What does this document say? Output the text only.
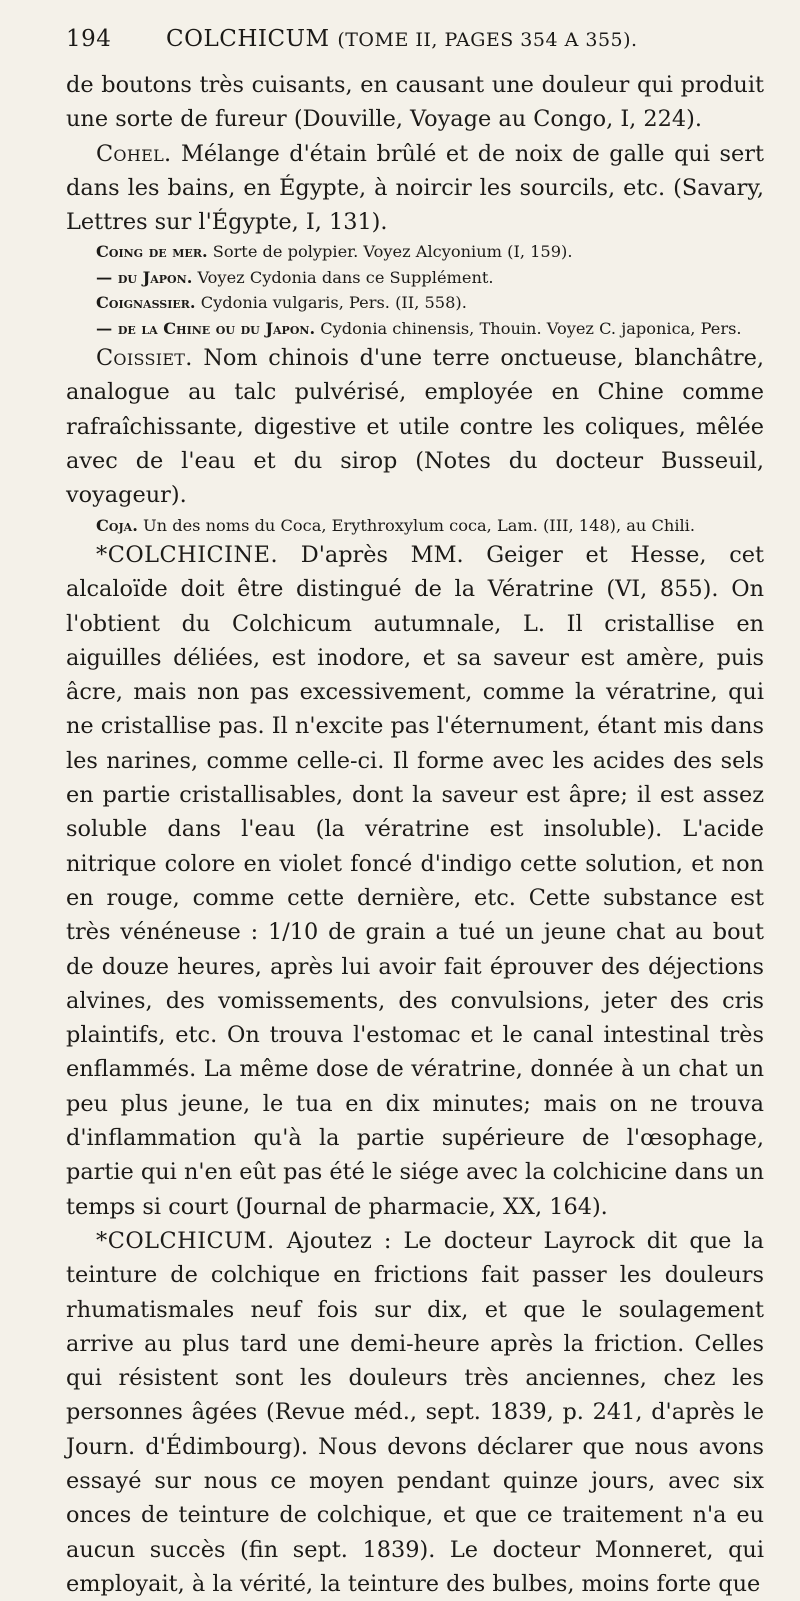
194	COLCHICUM (TOME II, PAGES 354 A 355).

de boutons très cuisants, en causant une douleur qui produit une sorte de fureur (Douville, Voyage au Congo, I, 224).

Cohel. Mélange d'étain brûlé et de noix de galle qui sert dans les bains, en Égypte, à noircir les sourcils, etc. (Savary, Lettres sur l'Égypte, I, 131).

Coing de mer. Sorte de polypier. Voyez Alcyonium (I, 159).

— du Japon. Voyez Cydonia dans ce Supplément.

Coignassier. Cydonia vulgaris, Pers. (II, 558).

— de la Chine ou du Japon. Cydonia chinensis, Thouin. Voyez C. japonica, Pers.

Coissiet. Nom chinois d'une terre onctueuse, blanchâtre, analogue au talc pulvérisé, employée en Chine comme rafraîchissante, digestive et utile contre les coliques, mêlée avec de l'eau et du sirop (Notes du docteur Busseuil, voyageur).

Coja. Un des noms du Coca, Erythroxylum coca, Lam. (III, 148), au Chili.

*COLCHICINE. D'après MM. Geiger et Hesse, cet alcaloïde doit être distingué de la Vératrine (VI, 855). On l'obtient du Colchicum autumnale, L. Il cristallise en aiguilles déliées, est inodore, et sa saveur est amère, puis âcre, mais non pas excessivement, comme la vératrine, qui ne cristallise pas. Il n'excite pas l'éternument, étant mis dans les narines, comme celle-ci. Il forme avec les acides des sels en partie cristallisables, dont la saveur est âpre; il est assez soluble dans l'eau (la vératrine est insoluble). L'acide nitrique colore en violet foncé d'indigo cette solution, et non en rouge, comme cette dernière, etc. Cette substance est très vénéneuse : 1/10 de grain a tué un jeune chat au bout de douze heures, après lui avoir fait éprouver des déjections alvines, des vomissements, des convulsions, jeter des cris plaintifs, etc. On trouva l'estomac et le canal intestinal très enflammés. La même dose de vératrine, donnée à un chat un peu plus jeune, le tua en dix minutes; mais on ne trouva d'inflammation qu'à la partie supérieure de l'œsophage, partie qui n'en eût pas été le siége avec la colchicine dans un temps si court (Journal de pharmacie, XX, 164).

*COLCHICUM. Ajoutez : Le docteur Layrock dit que la teinture de colchique en frictions fait passer les douleurs rhumatismales neuf fois sur dix, et que le soulagement arrive au plus tard une demi-heure après la friction. Celles qui résistent sont les douleurs très anciennes, chez les personnes âgées (Revue méd., sept. 1839, p. 241, d'après le Journ. d'Édimbourg). Nous devons déclarer que nous avons essayé sur nous ce moyen pendant quinze jours, avec six onces de teinture de colchique, et que ce traitement n'a eu aucun succès (fin sept. 1839). Le docteur Monneret, qui employait, à la vérité, la teinture des bulbes, moins forte que
